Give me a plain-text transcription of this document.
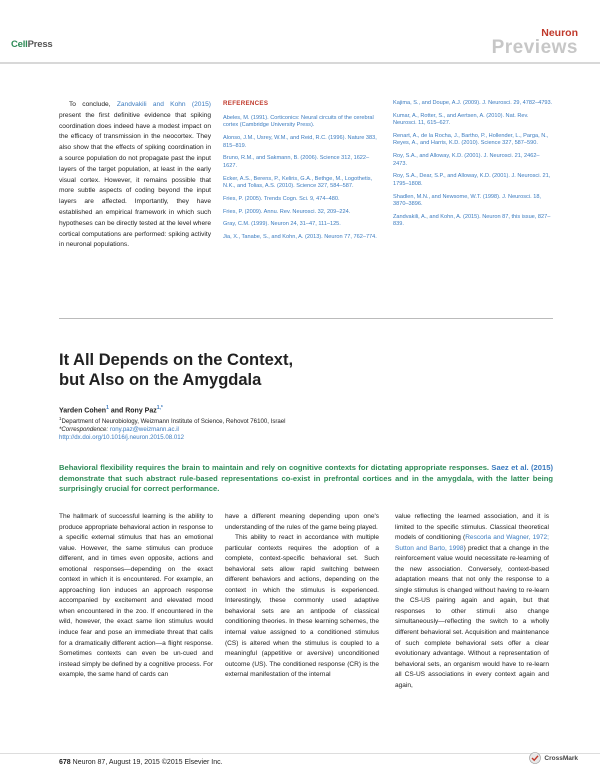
CellPress
Neuron
Previews

To conclude, Zandvakili and Kohn (2015) present the first definitive evidence that spiking coordination does indeed have a modest impact on the efficacy of transmission in the neocortex. They also show that the effects of spiking coordination in a source population do not propagate past the input layers of the target population, at least in the early visual cortex. However, it remains possible that more subtle aspects of coding beyond the input layers are affected. Importantly, they have established an empirical framework in which such hypotheses can be directly tested at the level where cortical computations are performed: spiking activity in neuronal populations.

REFERENCES

Abeles, M. (1991). Corticonics: Neural circuits of the cerebral cortex (Cambridge University Press).

Alonso, J.M., Usrey, W.M., and Reid, R.C. (1996). Nature 383, 815–819.

Bruno, R.M., and Sakmann, B. (2006). Science 312, 1622–1627.

Ecker, A.S., Berens, P., Keliris, G.A., Bethge, M., Logothetis, N.K., and Tolias, A.S. (2010). Science 327, 584–587.

Fries, P. (2005). Trends Cogn. Sci. 9, 474–480.

Fries, P. (2009). Annu. Rev. Neurosci. 32, 209–224.

Gray, C.M. (1999). Neuron 24, 31–47, 111–125.

Jia, X., Tanabe, S., and Kohn, A. (2013). Neuron 77, 762–774.

Kajima, S., and Doupe, A.J. (2009). J. Neurosci. 29, 4782–4793.

Kumar, A., Rotter, S., and Aertsen, A. (2010). Nat. Rev. Neurosci. 11, 615–627.

Renart, A., de la Rocha, J., Bartho, P., Hollender, L., Parga, N., Reyes, A., and Harris, K.D. (2010). Science 327, 587–590.

Roy, S.A., and Alloway, K.D. (2001). J. Neurosci. 21, 2462–2473.

Roy, S.A., Dear, S.P., and Alloway, K.D. (2001). J. Neurosci. 21, 1795–1808.

Shadlen, M.N., and Newsome, W.T. (1998). J. Neurosci. 18, 3870–3896.

Zandvakili, A., and Kohn, A. (2015). Neuron 87, this issue, 827–839.

It All Depends on the Context,
but Also on the Amygdala
Yarden Cohen$^1$ and Rony Paz$^{1,*}$
$^1$Department of Neurobiology, Weizmann Institute of Science, Rehovot 76100, Israel
*Correspondence: rony.paz@weizmann.ac.il
http://dx.doi.org/10.1016/j.neuron.2015.08.012
Behavioral flexibility requires the brain to maintain and rely on cognitive contexts for dictating appropriate responses. Saez et al. (2015) demonstrate that such abstract rule-based representations co-exist in prefrontal cortices and in the amygdala, with the latter being surprisingly crucial for correct performance.

The hallmark of successful learning is the ability to produce appropriate behavioral action in response to a specific external stimulus that has an emotional value. However, the same stimulus can produce different, and in times even opposite, actions and emotional responses—depending on the exact context in which it is encountered. For example, an approaching lion induces an approach response accompanied by excitement and elevated mood when encountered in the zoo. If encountered in the wild, however, the exact same lion stimulus would induce fear and pose an immediate threat that calls for a dramatically different action—a flight response. Sometimes contexts can even be un-cued and instead simply be defined by a cognitive process. For example, the same hand of cards can

have a different meaning depending upon one's understanding of the rules of the game being played.

This ability to react in accordance with multiple particular contexts requires the adoption of a complete, context-specific behavioral set. Such behavioral sets allow rapid switching between different behaviors and actions, depending on the context in which the stimulus is experienced. Interestingly, these commonly used adaptive behavioral sets are an antipode of classical conditioning theories. In these learning schemes, the internal value assigned to a conditioned stimulus (CS) is altered when the stimulus is coupled to a meaningful (appetitive or aversive) unconditioned outcome (US). The conditioned response (CR) is the external manifestation of the internal

value reflecting the learned association, and it is limited to the specific stimulus. Classical theoretical models of conditioning (Rescorla and Wagner, 1972; Sutton and Barto, 1998) predict that a change in the reinforcement value would necessitate re-learning of the new association. Conversely, context-based adaptation means that not only the response to a single stimulus is changed without having to re-learn the CS-US pairing again and again, but that responses to other stimuli also change simultaneously—reflecting the switch to a wholly different behavioral set. Acquisition and maintenance of such complete behavioral sets offer a clear evolutionary advantage. Without a representation of behavioral sets, an organism would have to re-learn all CS-US associations in every context again and again,

678 Neuron 87, August 19, 2015 ©2015 Elsevier Inc.
CrossMark
